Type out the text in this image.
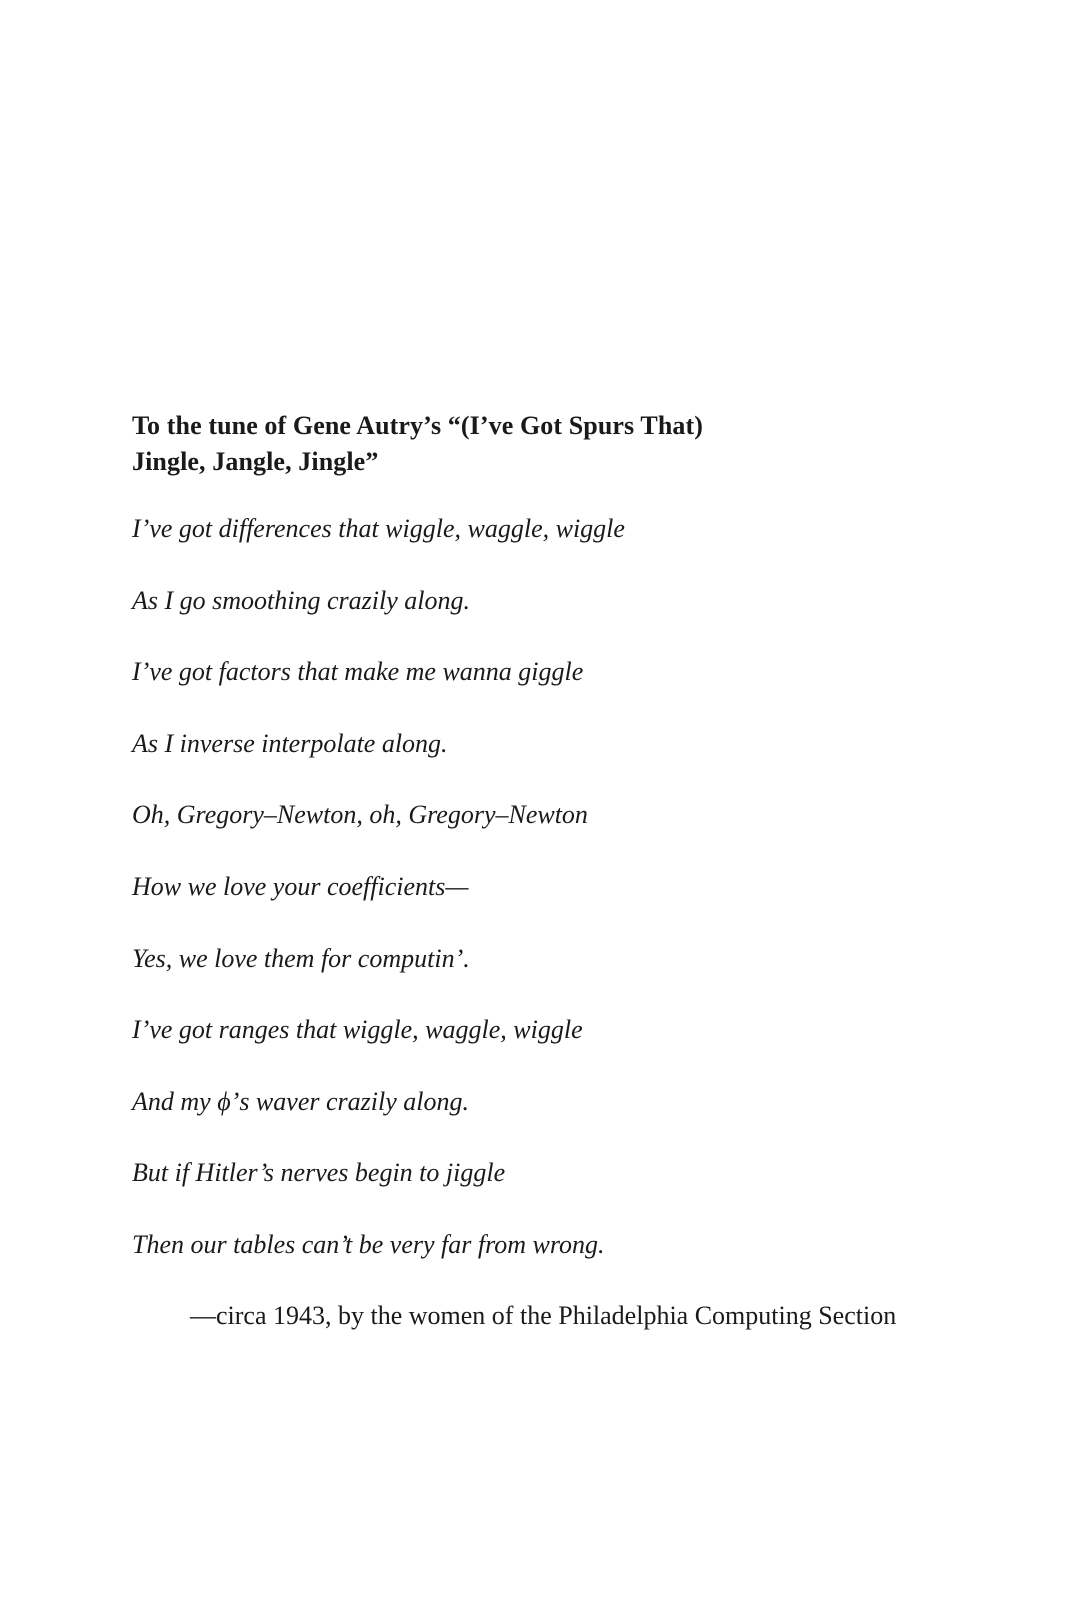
To the tune of Gene Autry’s “(I’ve Got Spurs That)
Jingle, Jangle, Jingle”
I’ve got differences that wiggle, waggle, wiggle
As I go smoothing crazily along.
I’ve got factors that make me wanna giggle
As I inverse interpolate along.
Oh, Gregory–Newton, oh, Gregory–Newton
How we love your coefficients—
Yes, we love them for computin’.
I’ve got ranges that wiggle, waggle, wiggle
And my ϕ’s waver crazily along.
But if Hitler’s nerves begin to jiggle
Then our tables can’t be very far from wrong.

—circa 1943, by the women of the Philadelphia Computing Section
